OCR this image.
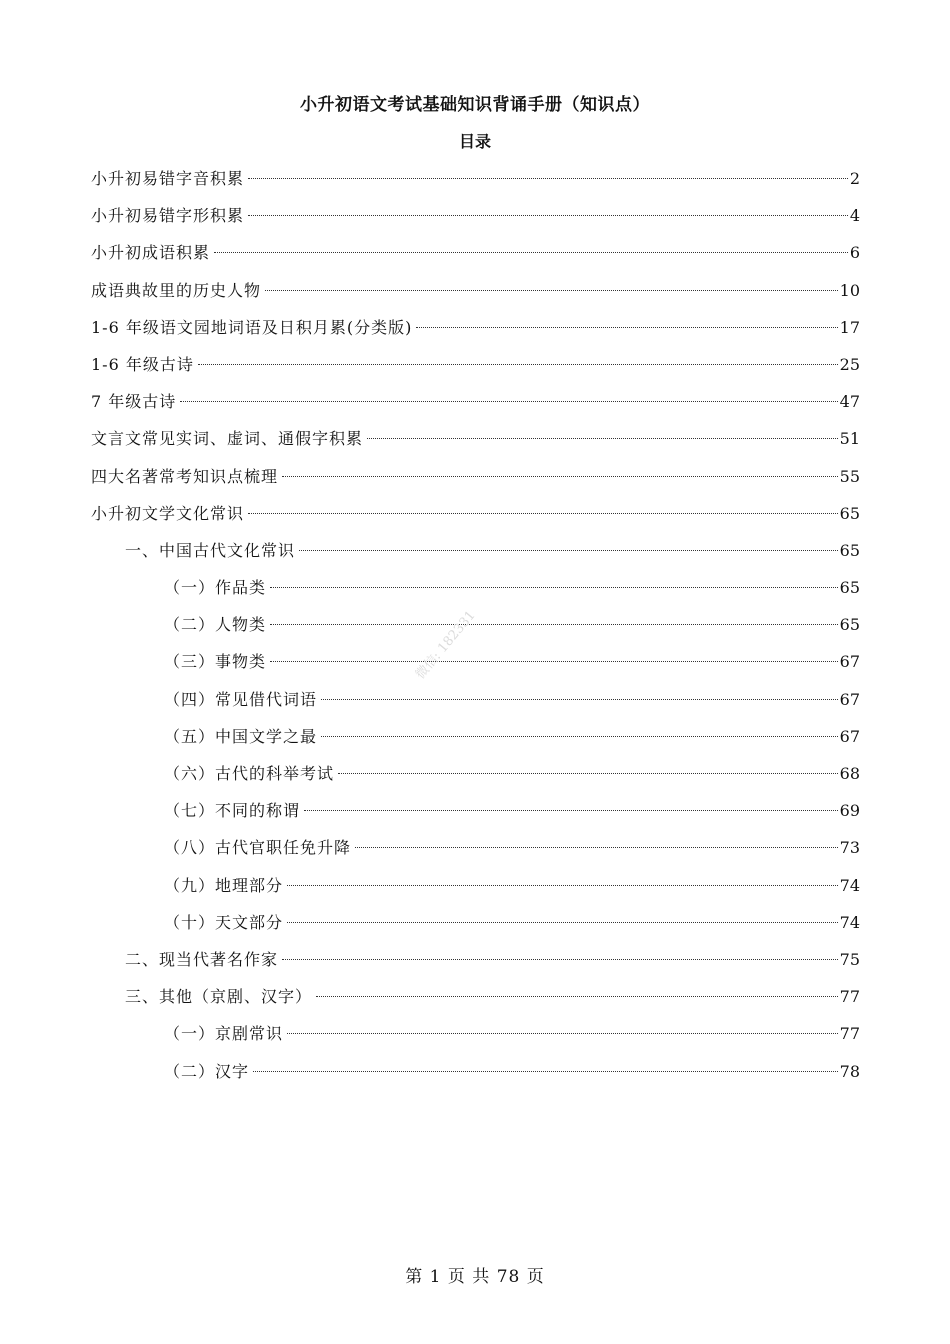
小升初语文考试基础知识背诵手册（知识点）
目录
小升初易错字音积累	2
小升初易错字形积累	4
小升初成语积累	6
成语典故里的历史人物	10
1-6 年级语文园地词语及日积月累(分类版)	17
1-6 年级古诗	25
7 年级古诗	47
文言文常见实词、虚词、通假字积累	51
四大名著常考知识点梳理	55
小升初文学文化常识	65
一、中国古代文化常识	65
（一）作品类	65
（二）人物类	65
（三）事物类	67
（四）常见借代词语	67
（五）中国文学之最	67
（六）古代的科举考试	68
（七）不同的称谓	69
（八）古代官职任免升降	73
（九）地理部分	74
（十）天文部分	74
二、现当代著名作家	75
三、其他（京剧、汉字）	77
（一）京剧常识	77
（二）汉字	78
微信: 182331
第 1 页 共 78 页
